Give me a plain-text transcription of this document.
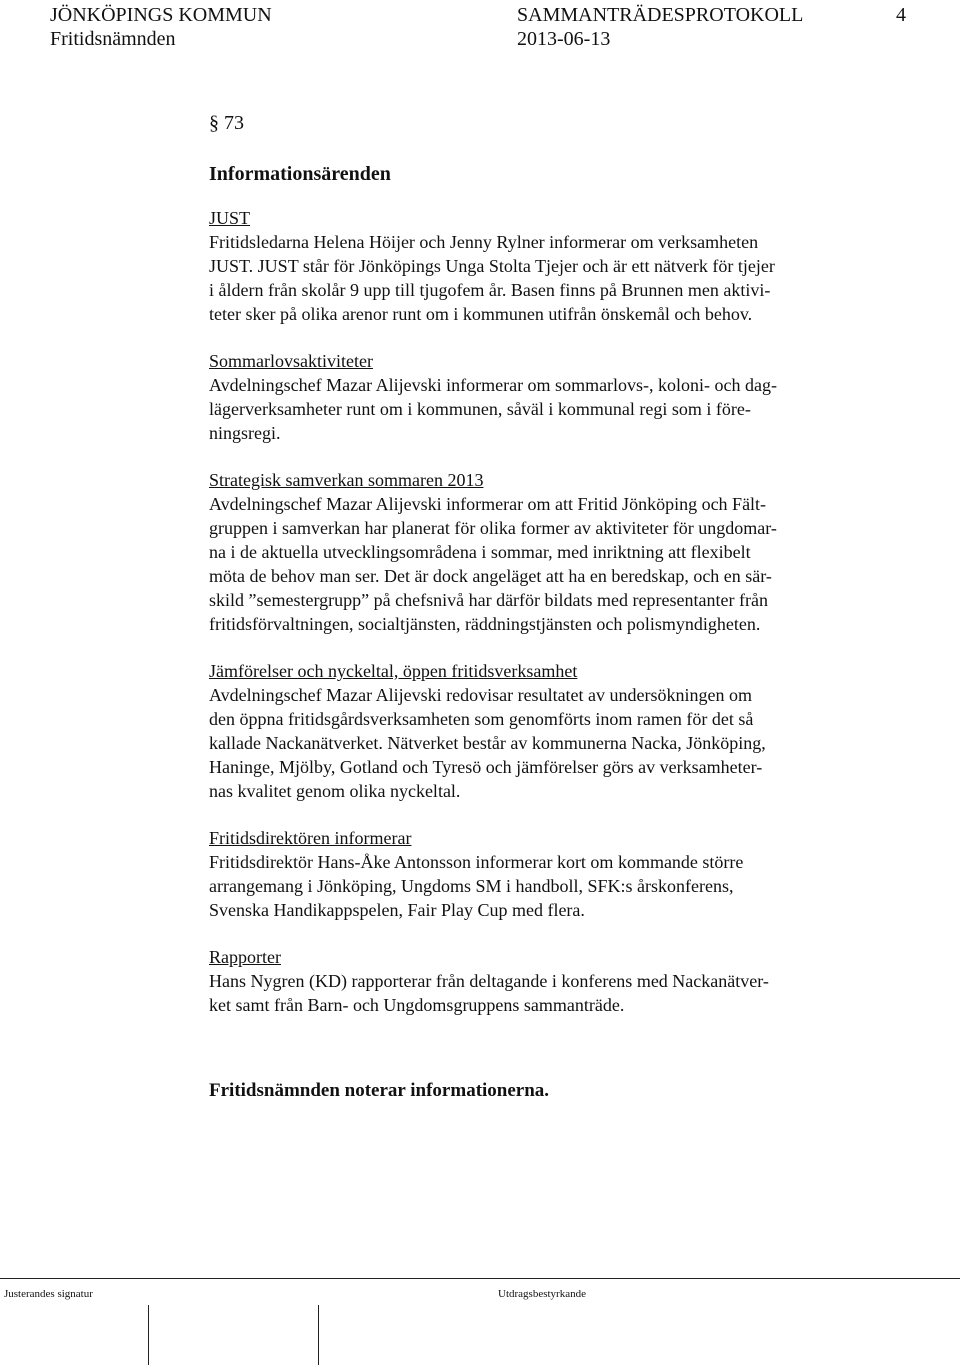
JÖNKÖPINGS KOMMUN	SAMMANTRÄDESPROTOKOLL	4
Fritidsnämnden	2013-06-13
§ 73
Informationsärenden
JUST
Fritidsledarna Helena Höijer och Jenny Rylner informerar om verksamheten
JUST. JUST står för Jönköpings Unga Stolta Tjejer och är ett nätverk för tjejer
i åldern från skolår 9 upp till tjugofem år. Basen finns på Brunnen men aktivi-
teter sker på olika arenor runt om i kommunen utifrån önskemål och behov.
Sommarlovsaktiviteter
Avdelningschef Mazar Alijevski informerar om sommarlovs-, koloni- och dag-
lägerverksamheter runt om i kommunen, såväl i kommunal regi som i före-
ningsregi.
Strategisk samverkan sommaren 2013
Avdelningschef Mazar Alijevski informerar om att Fritid Jönköping och Fält-
gruppen i samverkan har planerat för olika former av aktiviteter för ungdomar-
na i de aktuella utvecklingsområdena i sommar, med inriktning att flexibelt
möta de behov man ser. Det är dock angeläget att ha en beredskap, och en sär-
skild ”semestergrupp” på chefsnivå har därför bildats med representanter från
fritidsförvaltningen, socialtjänsten, räddningstjänsten och polismyndigheten.
Jämförelser och nyckeltal, öppen fritidsverksamhet
Avdelningschef Mazar Alijevski redovisar resultatet av undersökningen om
den öppna fritidsgårdsverksamheten som genomförts inom ramen för det så
kallade Nackanätverket. Nätverket består av kommunerna Nacka, Jönköping,
Haninge, Mjölby, Gotland och Tyresö och jämförelser görs av verksamheter-
nas kvalitet genom olika nyckeltal.
Fritidsdirektören informerar
Fritidsdirektör Hans-Åke Antonsson informerar kort om kommande större
arrangemang i Jönköping, Ungdoms SM i handboll, SFK:s årskonferens,
Svenska Handikappspelen, Fair Play Cup med flera.
Rapporter
Hans Nygren (KD) rapporterar från deltagande i konferens med Nackanätver-
ket samt från Barn- och Ungdomsgruppens sammanträde.
Fritidsnämnden noterar informationerna.
Justerandes signatur	Utdragsbestyrkande
